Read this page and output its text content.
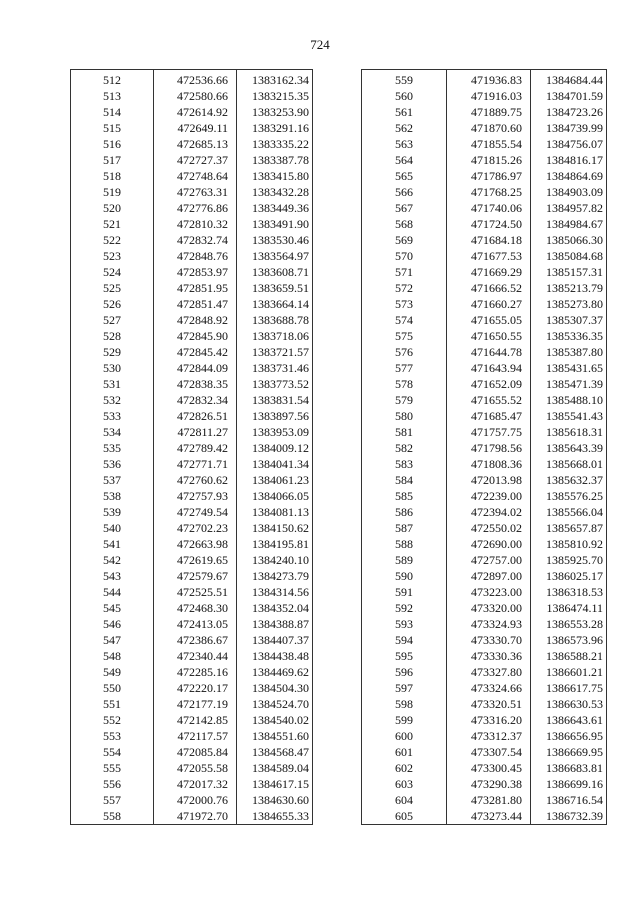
724
512	472536.66	1383162.34
513	472580.66	1383215.35
514	472614.92	1383253.90
515	472649.11	1383291.16
516	472685.13	1383335.22
517	472727.37	1383387.78
518	472748.64	1383415.80
519	472763.31	1383432.28
520	472776.86	1383449.36
521	472810.32	1383491.90
522	472832.74	1383530.46
523	472848.76	1383564.97
524	472853.97	1383608.71
525	472851.95	1383659.51
526	472851.47	1383664.14
527	472848.92	1383688.78
528	472845.90	1383718.06
529	472845.42	1383721.57
530	472844.09	1383731.46
531	472838.35	1383773.52
532	472832.34	1383831.54
533	472826.51	1383897.56
534	472811.27	1383953.09
535	472789.42	1384009.12
536	472771.71	1384041.34
537	472760.62	1384061.23
538	472757.93	1384066.05
539	472749.54	1384081.13
540	472702.23	1384150.62
541	472663.98	1384195.81
542	472619.65	1384240.10
543	472579.67	1384273.79
544	472525.51	1384314.56
545	472468.30	1384352.04
546	472413.05	1384388.87
547	472386.67	1384407.37
548	472340.44	1384438.48
549	472285.16	1384469.62
550	472220.17	1384504.30
551	472177.19	1384524.70
552	472142.85	1384540.02
553	472117.57	1384551.60
554	472085.84	1384568.47
555	472055.58	1384589.04
556	472017.32	1384617.15
557	472000.76	1384630.60
558	471972.70	1384655.33
559	471936.83	1384684.44
560	471916.03	1384701.59
561	471889.75	1384723.26
562	471870.60	1384739.99
563	471855.54	1384756.07
564	471815.26	1384816.17
565	471786.97	1384864.69
566	471768.25	1384903.09
567	471740.06	1384957.82
568	471724.50	1384984.67
569	471684.18	1385066.30
570	471677.53	1385084.68
571	471669.29	1385157.31
572	471666.52	1385213.79
573	471660.27	1385273.80
574	471655.05	1385307.37
575	471650.55	1385336.35
576	471644.78	1385387.80
577	471643.94	1385431.65
578	471652.09	1385471.39
579	471655.52	1385488.10
580	471685.47	1385541.43
581	471757.75	1385618.31
582	471798.56	1385643.39
583	471808.36	1385668.01
584	472013.98	1385632.37
585	472239.00	1385576.25
586	472394.02	1385566.04
587	472550.02	1385657.87
588	472690.00	1385810.92
589	472757.00	1385925.70
590	472897.00	1386025.17
591	473223.00	1386318.53
592	473320.00	1386474.11
593	473324.93	1386553.28
594	473330.70	1386573.96
595	473330.36	1386588.21
596	473327.80	1386601.21
597	473324.66	1386617.75
598	473320.51	1386630.53
599	473316.20	1386643.61
600	473312.37	1386656.95
601	473307.54	1386669.95
602	473300.45	1386683.81
603	473290.38	1386699.16
604	473281.80	1386716.54
605	473273.44	1386732.39
